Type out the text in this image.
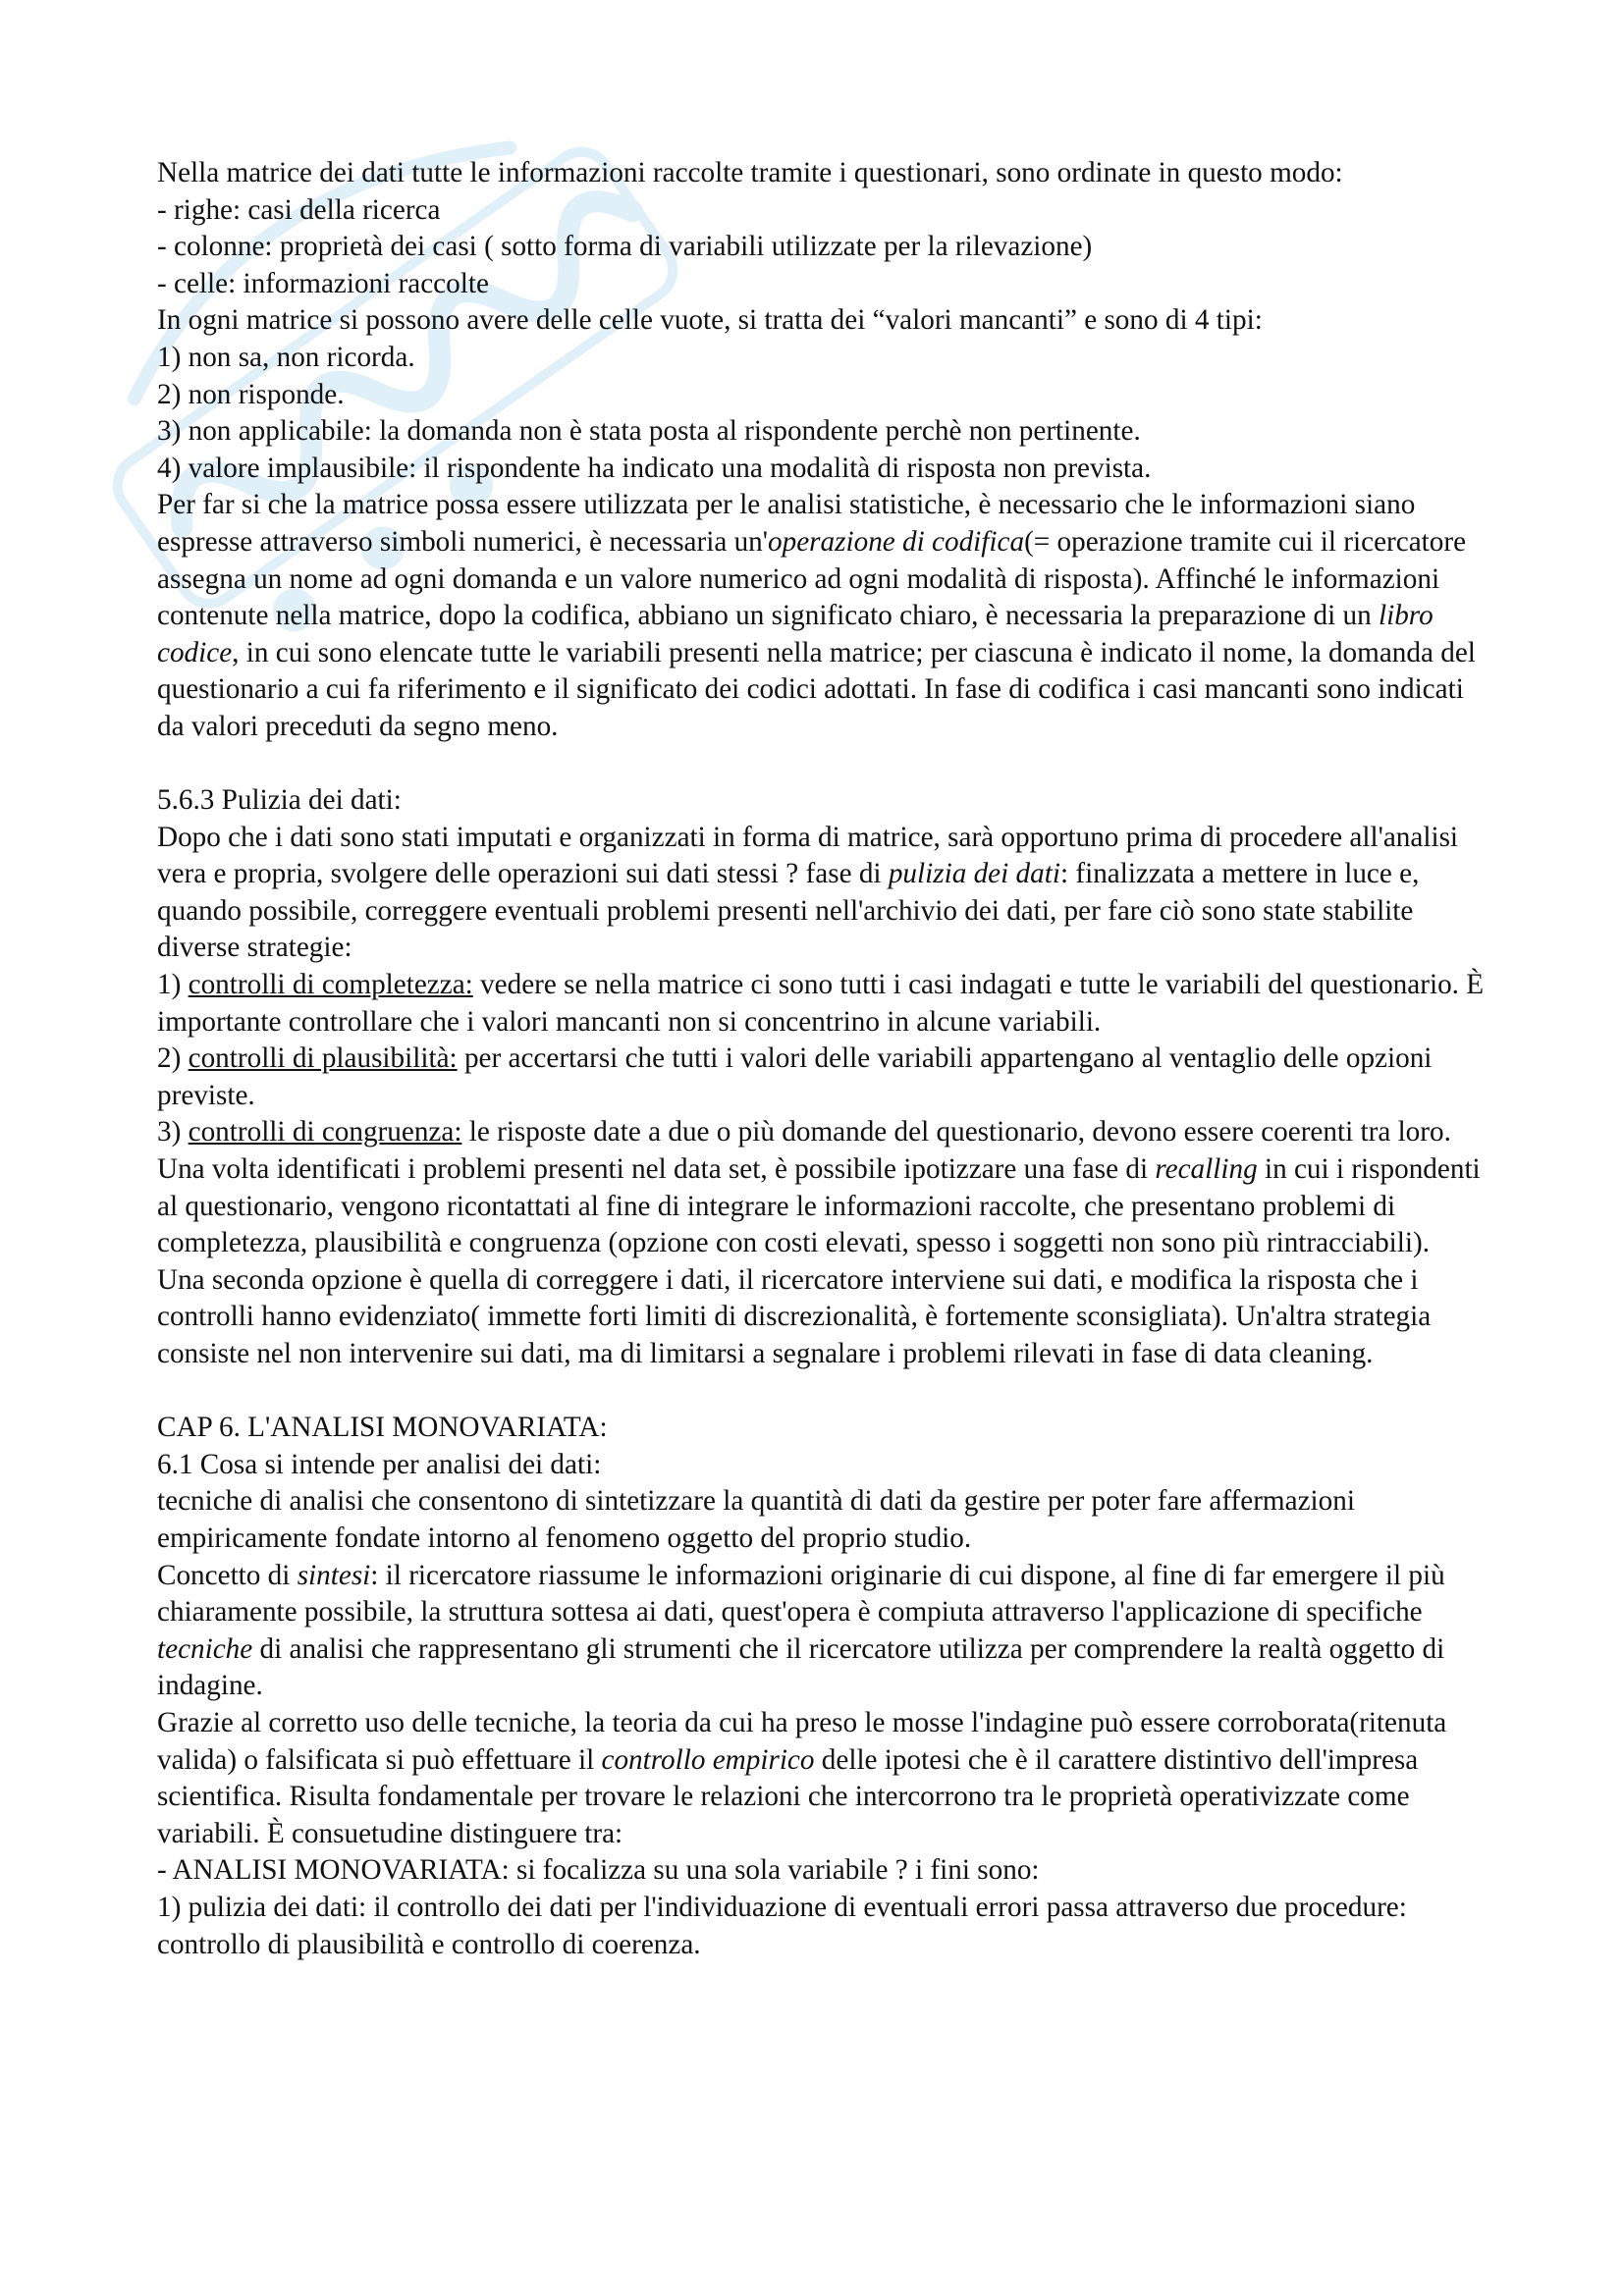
Nella matrice dei dati tutte le informazioni raccolte tramite i questionari, sono ordinate in questo modo:

- righe: casi della ricerca

- colonne: proprietà dei casi ( sotto forma di variabili utilizzate per la rilevazione)

- celle: informazioni raccolte

In ogni matrice si possono avere delle celle vuote, si tratta dei “valori mancanti” e sono di 4 tipi:

1) non sa, non ricorda.

2) non risponde.

3) non applicabile: la domanda non è stata posta al rispondente perchè non pertinente.

4) valore implausibile: il rispondente ha indicato una modalità di risposta non prevista.

Per far si che la matrice possa essere utilizzata per le analisi statistiche, è necessario che le informazioni siano espresse attraverso simboli numerici, è necessaria un'operazione di codifica(= operazione tramite cui il ricercatore assegna un nome ad ogni domanda e un valore numerico ad ogni modalità di risposta). Affinché le informazioni contenute nella matrice, dopo la codifica, abbiano un significato chiaro, è necessaria la preparazione di un libro codice, in cui sono elencate tutte le variabili presenti nella matrice; per ciascuna è indicato il nome, la domanda del questionario a cui fa riferimento e il significato dei codici adottati. In fase di codifica i casi mancanti sono indicati da valori preceduti da segno meno.

5.6.3 Pulizia dei dati:

Dopo che i dati sono stati imputati e organizzati in forma di matrice, sarà opportuno prima di procedere all'analisi vera e propria, svolgere delle operazioni sui dati stessi ? fase di pulizia dei dati: finalizzata a mettere in luce e, quando possibile, correggere eventuali problemi presenti nell'archivio dei dati, per fare ciò sono state stabilite diverse strategie:

1) controlli di completezza: vedere se nella matrice ci sono tutti i casi indagati e tutte le variabili del questionario. È importante controllare che i valori mancanti non si concentrino in alcune variabili.

2) controlli di plausibilità: per accertarsi che tutti i valori delle variabili appartengano al ventaglio delle opzioni previste.

3) controlli di congruenza: le risposte date a due o più domande del questionario, devono essere coerenti tra loro.

Una volta identificati i problemi presenti nel data set, è possibile ipotizzare una fase di recalling in cui i rispondenti al questionario, vengono ricontattati al fine di integrare le informazioni raccolte, che presentano problemi di completezza, plausibilità e congruenza (opzione con costi elevati, spesso i soggetti non sono più rintracciabili).

Una seconda opzione è quella di correggere i dati, il ricercatore interviene sui dati, e modifica la risposta che i controlli hanno evidenziato( immette forti limiti di discrezionalità, è fortemente sconsigliata). Un'altra strategia consiste nel non intervenire sui dati, ma di limitarsi a segnalare i problemi rilevati in fase di data cleaning.

CAP 6. L'ANALISI MONOVARIATA:

6.1 Cosa si intende per analisi dei dati:

tecniche di analisi che consentono di sintetizzare la quantità di dati da gestire per poter fare affermazioni empiricamente fondate intorno al fenomeno oggetto del proprio studio.

Concetto di sintesi: il ricercatore riassume le informazioni originarie di cui dispone, al fine di far emergere il più chiaramente possibile, la struttura sottesa ai dati, quest'opera è compiuta attraverso l'applicazione di specifiche tecniche di analisi che rappresentano gli strumenti che il ricercatore utilizza per comprendere la realtà oggetto di indagine.

Grazie al corretto uso delle tecniche, la teoria da cui ha preso le mosse l'indagine può essere corroborata(ritenuta valida) o falsificata si può effettuare il controllo empirico delle ipotesi che è il carattere distintivo dell'impresa scientifica. Risulta fondamentale per trovare le relazioni che intercorrono tra le proprietà operativizzate come variabili. È consuetudine distinguere tra:

- ANALISI MONOVARIATA: si focalizza su una sola variabile ? i fini sono:

1) pulizia dei dati: il controllo dei dati per l'individuazione di eventuali errori passa attraverso due procedure: controllo di plausibilità e controllo di coerenza.
